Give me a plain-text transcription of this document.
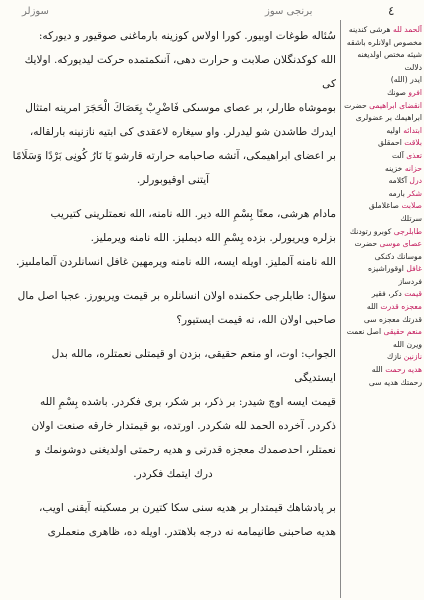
٤
برنجی سوز
سوزلر

سُئاله طوغات اوبيور. كورا اولاس كوزينه بارماغنى صوقيور و ديوركه:

الله كوكدنگلان صلابت و حرارت دهى، آنىكمتمده حركت ليديوركه. اولايك كى

بوموشاه طارلر، بر عصاى موسىكى فَاضْرِبْ بِعَصَاكَ الْحَجَرَ امرينه امتثال

ايدرك طاشدن شو ليدرلر. واو سيغاره لاعقدى كى ابتيه نازنينه بارلقاله،

بر اعضاى ابراهيمكى، آتشه صاحبامه حرارته قارشو يَا نَارُ كُونِى بَرْدًا وَسَلَامًا

آيتنى اوقيوبورلر.

مادام هرشى، معنًا بِسْمِ الله دير. الله نامنه، الله نعمتلرينى كتيريب

بزلره ويريورلر. بزده بِسْمِ الله ديمليز. الله نامنه ويرمليز.

الله نامنه آلمليز. اويله ايسه، الله نامنه ويرمهين غافل انسانلردن آلماملىيز.

سؤال: طابلرجى حكمنده اولان انسانلره بر قيمت ويريورز. عجبا اصل مال

صاحبى اولان الله، نه قيمت ايستيور؟

الجواب: اوت، او منعم حقيقى، بزدن او قيمتلى نعمتلره، مالله بدل ايستديگى

قيمت ايسه اوچ شيدر: بر ذكر، بر شكر، برى فكردر. باشده بِسْمِ الله

ذكردر. آخرده الحمد لله شكردر. اورتده، بو قيمتدار خارقه صنعت اولان

نعمتلر، احدصمدك معجزه قدرتى و هديه رحمتى اولديغنى دوشونمك و

درك ايتمك فكردر.

بر پادشاهك قيمتدار بر هديه سنى سكا كتيرن بر مسكينه آيقنى اويب،

هديه صاحبنى طانيمامه نه درجه بلاهتدر. اويله ده، ظاهرى منعملرى

آلحمد لله هرشى كندينه
مخصوص اولانلره باشقه
شيئه مختص اولديغنه دلالت
ايدر (الله)
افرو صونك
انقضاى ابراهيمى حضرت
ابراهيمك بر عضولرى
ابتدائه اوليه
بلاقت احمقلق
تعذى آلت
حزانه خزينه
درل آكلامه
شكر بارمه
صلابت صاغلاملق
سرتلك
طابلرجى كوبرو رتودنك
عصاى موسى حضرت
موسانك دكنكى
غافل اوقوراشيزه
فردساز
قيمت دكر، فقير
معجزه قدرت الله
قدرتك معجزه سى
منعم حقيقى اصل نعمت
ويرن الله
نازنين نازك
هديه رحمت الله
رحمتك هديه سى
